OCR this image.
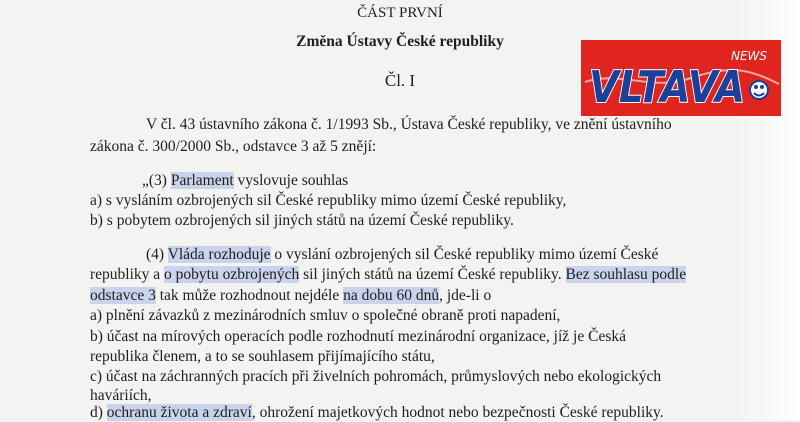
ČÁST PRVNÍ
Změna Ústavy České republiky
Čl. I
V čl. 43 ústavního zákona č. 1/1993 Sb., Ústava České republiky, ve znění ústavního
zákona č. 300/2000 Sb., odstavce 3 až 5 znějí:
„(3) Parlament vyslovuje souhlas
a) s vysláním ozbrojených sil České republiky mimo území České republiky,
b) s pobytem ozbrojených sil jiných států na území České republiky.
(4) Vláda rozhoduje o vyslání ozbrojených sil České republiky mimo území České
republiky a o pobytu ozbrojených sil jiných států na území České republiky. Bez souhlasu podle
odstavce 3 tak může rozhodnout nejdéle na dobu 60 dnů, jde-li o
a) plnění závazků z mezinárodních smluv o společné obraně proti napadení,
b) účast na mírových operacích podle rozhodnutí mezinárodní organizace, jíž je Česká
republika členem, a to se souhlasem přijímajícího státu,
c) účast na záchranných pracích při živelních pohromách, průmyslových nebo ekologických
haváriích,
d) ochranu života a zdraví, ohrožení majetkových hodnot nebo bezpečnosti České republiky.
VLTAVA
NEWS
